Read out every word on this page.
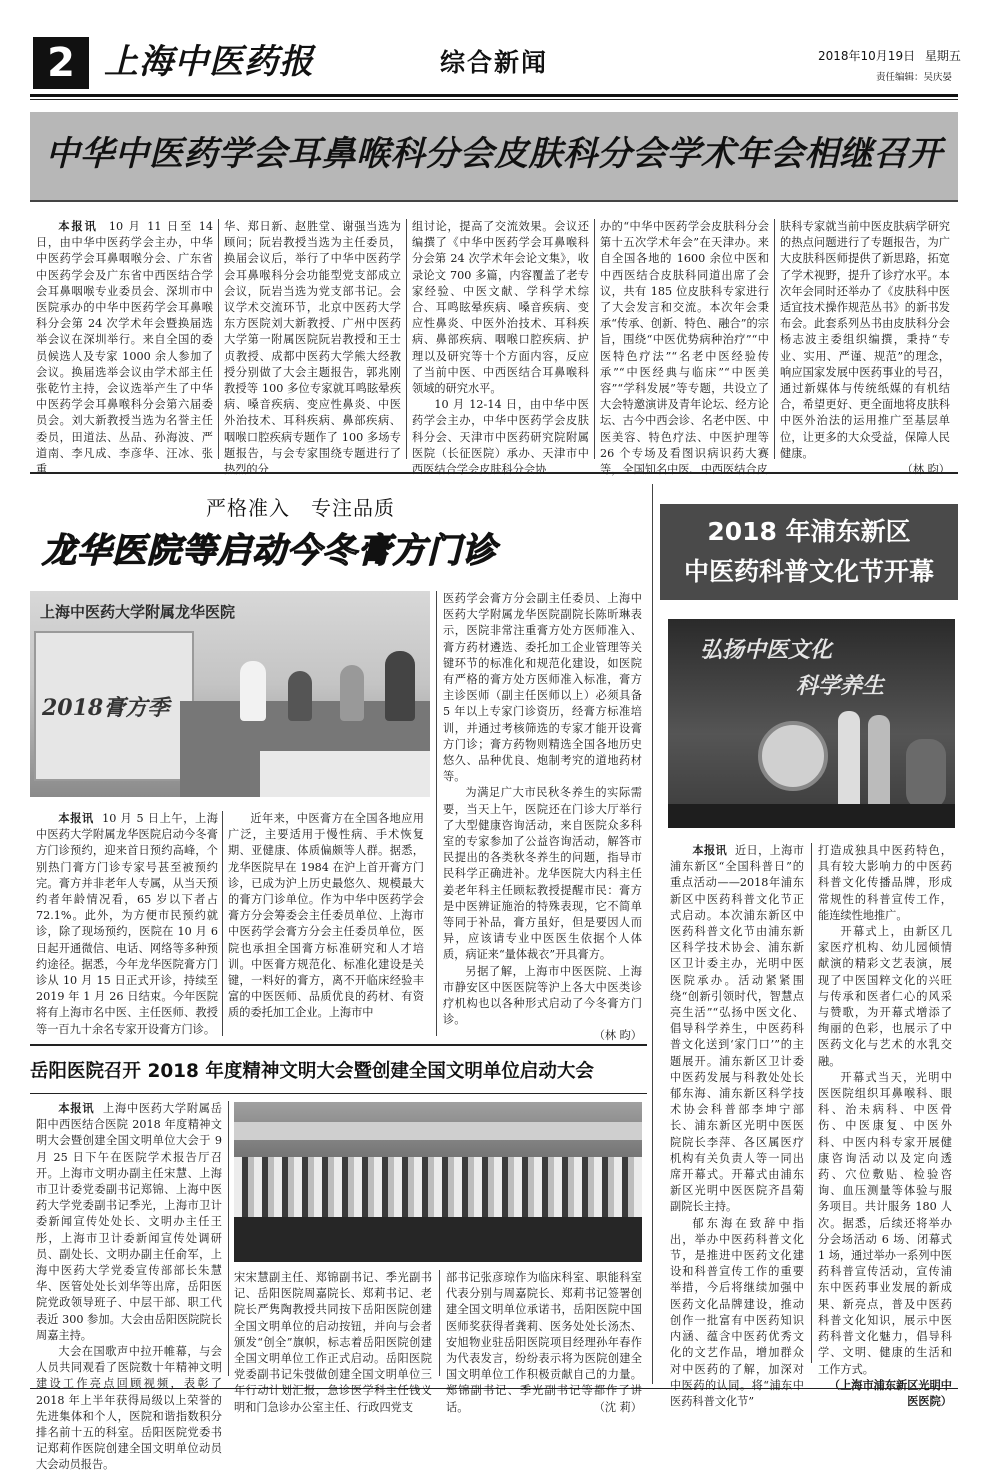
2 上海中医药报	综合新闻	2018年10月19日 星期五
责任编辑：吴庆晏
中华中医药学会耳鼻喉科分会皮肤科分会学术年会相继召开

本报讯 10 月 11 日至 14 日，由中华中医药学会主办，中华中医药学会耳鼻咽喉分会、广东省中医药学会及广东省中西医结合学会耳鼻咽喉专业委员会、深圳市中医院承办的中华中医药学会耳鼻喉科分会第 24 次学术年会暨换届选举会议在深圳举行。来自全国的委员候选人及专家 1000 余人参加了会议。换届选举会议由学术部主任张乾竹主持，会议选举产生了中华中医药学会耳鼻喉科分会第六届委员会。刘大新教授当选为名誉主任委员，田道法、丛品、孙海波、严道南、李凡成、李彦华、汪冰、张重

华、郑日新、赵胜堂、谢强当选为顾问；阮岩教授当选为主任委员，换届会议后，举行了中华中医药学会耳鼻喉科分会功能型党支部成立会议，阮岩当选为党支部书记。会议学术交流环节，北京中医药大学东方医院刘大新教授、广州中医药大学第一附属医院阮岩教授和王士贞教授、成都中医药大学熊大经教授分别做了大会主题报告，郭兆刚教授等 100 多位专家就耳鸣眩晕疾病、嗓音疾病、变应性鼻炎、中医外治技术、耳科疾病、鼻部疾病、咽喉口腔疾病专题作了 100 多场专题报告，与会专家围绕专题进行了热烈的分
组讨论，提高了交流效果。会议还编撰了《中华中医药学会耳鼻喉科分会第 24 次学术年会论文集》，收录论文 700 多篇，内容覆盖了老专家经验、中医文献、学科学术综合、耳鸣眩晕疾病、嗓音疾病、变应性鼻炎、中医外治技术、耳科疾病、鼻部疾病、咽喉口腔疾病、护理以及研究等十个方面内容，反应了当前中医、中西医结合耳鼻喉科领域的研究水平。

10 月 12-14 日，由中华中医药学会主办，中华中医药学会皮肤科分会、天津市中医药研究院附属医院（长征医院）承办、天津市中西医结合学会皮肤科分会协

办的“中华中医药学会皮肤科分会第十五次学术年会”在天津办。来自全国各地的 1600 余位中医和中西医结合皮肤科同道出席了会议，共有 185 位皮肤科专家进行了大会发言和交流。本次年会秉承“传承、创新、特色、融合”的宗旨，围绕“中医优势病种治疗”“中医特色疗法”“名老中医经验传承”“中医经典与临床”“中医美容”“学科发展”等专题，共设立了大会特邀演讲及青年论坛、经方论坛、古今中西会诊、名老中医、中医美容、特色疗法、中医护理等 26 个专场及看图识病识药大赛等，全国知名中医、中西医结合皮
肤科专家就当前中医皮肤病学研究的热点问题进行了专题报告，为广大皮肤科医师提供了新思路，拓宽了学术视野，提升了诊疗水平。本次年会同时还举办了《皮肤科中医适宜技术操作规范丛书》的新书发布会。此套系列丛书由皮肤科分会杨志波主委组织编撰，秉持“专业、实用、严谨、规范”的理念，响应国家发展中医药事业的号召，通过新媒体与传统纸媒的有机结合，希望更好、更全面地将皮肤科中医外治法的运用推广至基层单位，让更多的大众受益，保障人民健康。
（林 昀）
严格准入　专注品质
龙华医院等启动今冬膏方门诊
上海中医药大学附属龙华医院
2018膏方季

本报讯 10 月 5 日上午，上海中医药大学附属龙华医院启动今冬膏方门诊预约，迎来首日预约高峰，个别热门膏方门诊专家号甚至被预约完。膏方并非老年人专属，从当天预约者年龄情况看，65 岁以下者占72.1%。此外，为方便市民预约就诊，除了现场预约，医院在 10 月 6 日起开通微信、电话、网络等多种预约途径。据悉，今年龙华医院膏方门诊从 10 月 15 日正式开诊，持续至 2019 年 1 月 26 日结束。今年医院将有上海市名中医、主任医师、教授等一百九十余名专家开设膏方门诊。

近年来，中医膏方在全国各地应用广泛，主要适用于慢性病、手术恢复期、亚健康、体质偏颇等人群。据悉，龙华医院早在 1984 在沪上首开膏方门诊，已成为沪上历史最悠久、规模最大的膏方门诊单位。作为中华中医药学会膏方分会筹委会主任委员单位、上海市中医药学会膏方分会主任委员单位，医院也承担全国膏方标准研究和人才培训。中医膏方规范化、标准化建设是关键，一料好的膏方，离不开临床经验丰富的中医医师、品质优良的药材、有资质的委托加工企业。上海市中

医药学会膏方分会副主任委员、上海中医药大学附属龙华医院副院长陈昕琳表示，医院非常注重膏方处方医师准入、膏方药材遴选、委托加工企业管理等关键环节的标准化和规范化建设，如医院有严格的膏方处方医师准入标准，膏方主诊医师（副主任医师以上）必须具备 5 年以上专家门诊资历，经膏方标准培训，并通过考核筛选的专家才能开设膏方门诊；膏方药物则精选全国各地历史悠久、品种优良、炮制考究的道地药材等。

为满足广大市民秋冬养生的实际需要，当天上午，医院还在门诊大厅举行了大型健康咨询活动，来自医院众多科室的专家参加了公益咨询活动，解答市民提出的各类秋冬养生的问题，指导市民科学正确进补。龙华医院大内科主任姜老年科主任顾耘教授提醒市民：膏方是中医辨证施治的特殊表现，它不简单等同于补品，膏方虽好，但是要因人而异，应该请专业中医医生依据个人体质，病证来“量体裁衣”开具膏方。

另据了解，上海市中医医院、上海市静安区中医医院等沪上各大中医类诊疗机构也以各种形式启动了今冬膏方门诊。

（林 昀）
2018 年浦东新区
中医药科普文化节开幕
弘扬中医文化
科学养生

本报讯 近日，上海市浦东新区“全国科普日”的重点活动——2018年浦东新区中医药科普文化节正式启动。本次浦东新区中医药科普文化节由浦东新区科学技术协会、浦东新区卫计委主办，光明中医医院承办。活动紧紧围绕“创新引领时代，智慧点亮生活”“弘扬中医文化、倡导科学养生，中医药科普文化送到‘家门口’”的主题展开。浦东新区卫计委中医药发展与科教处处长郁东海、浦东新区科学技术协会科普部李坤宁部长、浦东新区光明中医医院院长李萍、各区属医疗机构有关负责人等一同出席开幕式。开幕式由浦东新区光明中医医院齐昌菊副院长主持。

郁东海在致辞中指出，举办中医药科普文化节，是推进中医药文化建设和科普宣传工作的重要举措，今后将继续加强中医药文化品牌建设，推动创作一批富有中医药知识内涵、蕴含中医药优秀文化的文艺作品，增加群众对中医药的了解，加深对中医药的认同。将“浦东中医药科普文化节”

打造成独具中医药特色，具有较大影响力的中医药科普文化传播品牌，形成常规性的科普宣传工作，能连续性地推广。

开幕式上，由新区几家医疗机构、幼儿园倾情献演的精彩文艺表演，展现了中医国粹文化的兴旺与传承和医者仁心的风采与赞歌，为开幕式增添了绚丽的色彩，也展示了中医药文化与艺术的水乳交融。

开幕式当天，光明中医医院组织耳鼻喉科、眼科、治未病科、中医骨伤、中医康复、中医外科、中医内科专家开展健康咨询活动以及定向透药、穴位敷贴、检验咨询、血压测量等体验与服务项目。共计服务 180 人次。据悉，后续还将举办分会场活动 6 场、闭幕式 1 场，通过举办一系列中医药科普宣传活动，宣传浦东中医药事业发展的新成果、新亮点，普及中医药科普文化知识，展示中医药科普文化魅力，倡导科学、文明、健康的生活和工作方式。

（上海市浦东新区光明中医医院）
岳阳医院召开 2018 年度精神文明大会暨创建全国文明单位启动大会

本报讯 上海中医药大学附属岳阳中西医结合医院 2018 年度精神文明大会暨创建全国文明单位大会于 9 月 25 日下午在医院学术报告厅召开。上海市文明办副主任宋慧、上海市卫计委党委副书记郑锦、上海中医药大学党委副书记季光，上海市卫计委新闻宣传处处长、文明办主任王彤，上海市卫计委新闻宣传处调研员、副处长、文明办副主任俞军，上海中医药大学党委宣传部部长朱慧华、医管处处长刘华等出席，岳阳医院党政领导班子、中层干部、职工代表近 300 参加。大会由岳阳医院院长周嘉主持。

大会在国歌声中拉开帷幕，与会人员共同观看了医院数十年精神文明建设工作亮点回顾视频，表彰了 2018 年上半年获得局级以上荣誉的先进集体和个人，医院和谐指数积分排名前十五的科室。岳阳医院党委书记郑莉作医院创建全国文明单位动员大会动员报告。

宋宋慧副主任、郑锦副书记、季光副书记、岳阳医院周嘉院长、郑莉书记、老院长严隽陶教授共同按下岳阳医院创建全国文明单位的启动按钮，并向与会者颁发“创全”旗帜，标志着岳阳医院创建全国文明单位工作正式启动。岳阳医院党委副书记朱弢做创建全国文明单位三年行动计划汇报，急诊医学科主任钱义明和门急诊办公室主任、行政四党支
部书记张彦琼作为临床科室、职能科室代表分别与周嘉院长、郑莉书记签署创建全国文明单位承诺书，岳阳医院中国医师奖获得者龚莉、医务处处长汤杰、安旭物业驻岳阳医院项目经理孙年春作为代表发言，纷纷表示将为医院创建全国文明单位工作积极贡献自己的力量。郑锦副书记、季光副书记等都作了讲话。	（沈 莉）
